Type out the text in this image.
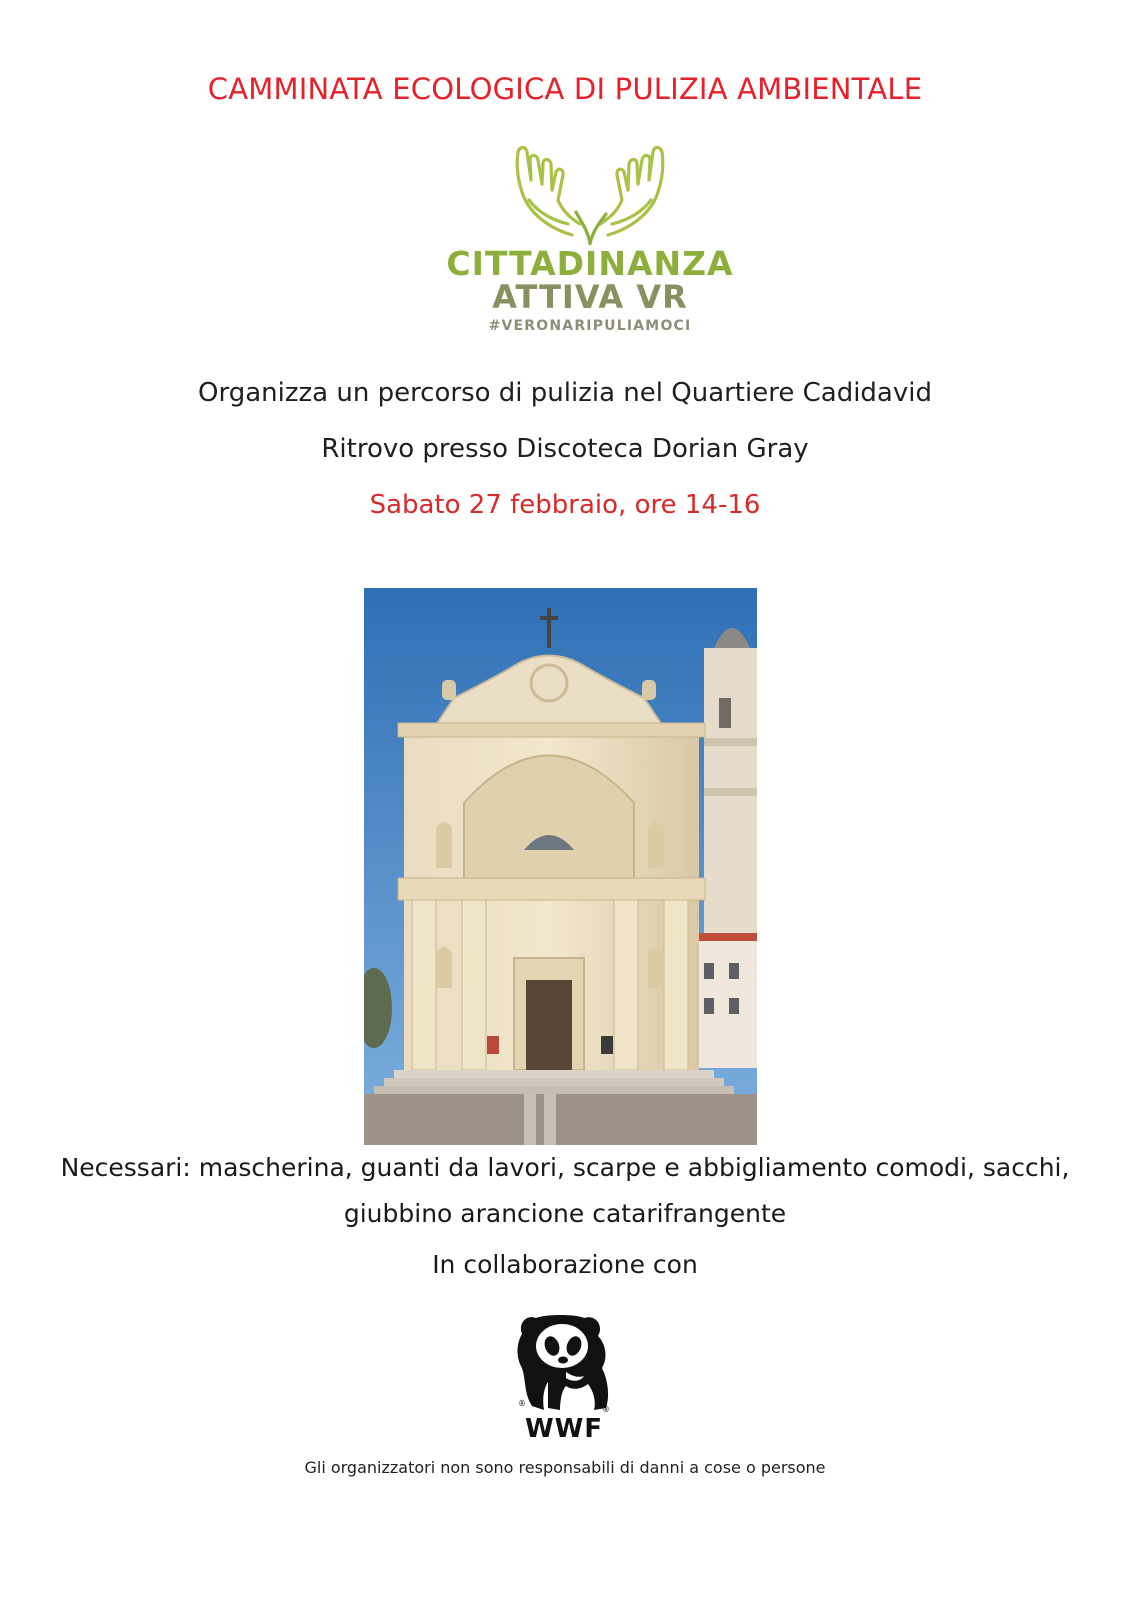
CAMMINATA ECOLOGICA DI PULIZIA AMBIENTALE
CITTADINANZA
ATTIVA VR
#VERONARIPULIAMOCI
Organizza un percorso di pulizia nel Quartiere Cadidavid
Ritrovo presso Discoteca Dorian Gray
Sabato 27 febbraio, ore 14-16
Necessari: mascherina, guanti da lavori, scarpe e abbigliamento comodi, sacchi,
giubbino arancione catarifrangente
In collaborazione con
®
®
WWF
Gli organizzatori non sono responsabili di danni a cose o persone
